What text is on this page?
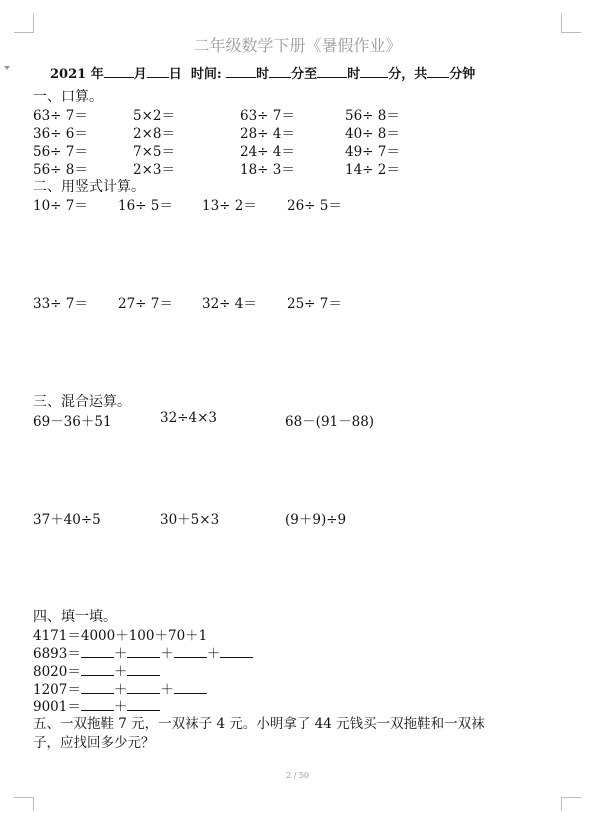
二年级数学下册《暑假作业》
2021 年 月 日 时间:	时 分至 时 分，共 分钟
一、口算。
63÷ 7＝	5×2＝	63÷ 7＝	56÷ 8＝
36÷ 6＝	2×8＝	28÷ 4＝	40÷ 8＝
56÷ 7＝	7×5＝	24÷ 4＝	49÷ 7＝
56÷ 8＝	2×3＝	18÷ 3＝	14÷ 2＝
二、用竖式计算。
10÷ 7＝ 16÷ 5＝ 13÷ 2＝ 26÷ 5＝
33÷ 7＝ 27÷ 7＝ 32÷ 4＝ 25÷ 7＝
三、混合运算。
69－36＋51	32÷4×3	68－(91－88)
37＋40÷5	30＋5×3	(9＋9)÷9
四、填一填。
4171＝4000＋100＋70＋1
6893＝ ＋ ＋ ＋
8020＝ ＋
1207＝ ＋ ＋
9001＝ ＋
五、一双拖鞋 7 元，一双袜子 4 元。小明拿了 44 元钱买一双拖鞋和一双袜
子，应找回多少元？
2 / 50
